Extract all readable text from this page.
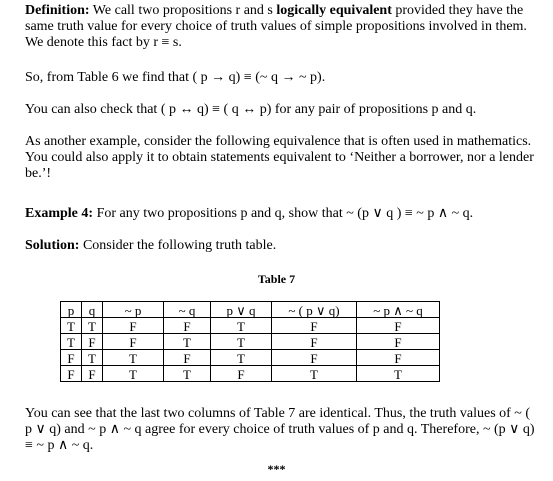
Definition: We call two propositions r and s logically equivalent provided they have the same truth value for every choice of truth values of simple propositions involved in them. We denote this fact by r ≡ s.

So, from Table 6 we find that ( p → q) ≡ (~ q → ~ p).

You can also check that ( p ↔ q) ≡ ( q ↔ p) for any pair of propositions p and q.

As another example, consider the following equivalence that is often used in mathematics. You could also apply it to obtain statements equivalent to ‘Neither a borrower, nor a lender be.’!

Example 4: For any two propositions p and q, show that ~ (p ∨ q ) ≡ ~ p ∧ ~ q.

Solution: Consider the following truth table.

Table 7
p	q	~ p	~ q	p ∨ q	~ ( p ∨ q)	~ p ∧ ~ q
T	T	F	F	T	F	F
T	F	F	T	T	F	F
F	T	T	F	T	F	F
F	F	T	T	F	T	T

You can see that the last two columns of Table 7 are identical. Thus, the truth values of ~ ( p ∨ q) and ~ p ∧ ~ q agree for every choice of truth values of p and q. Therefore, ~ (p ∨ q) ≡ ~ p ∧ ~ q.

***
